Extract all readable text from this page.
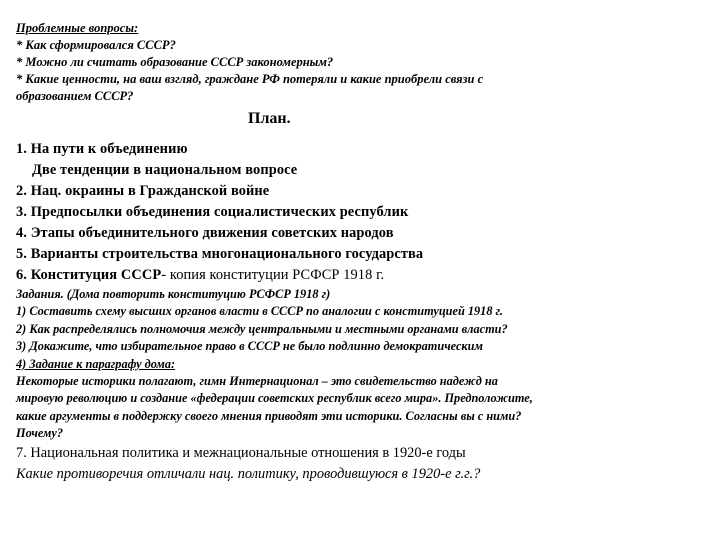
Проблемные вопросы:
* Как сформировался СССР?
* Можно ли считать образование СССР закономерным?
* Какие ценности, на ваш взгляд, граждане РФ потеряли и какие приобрели связи с
образованием СССР?
План.
1. На пути к объединению
Две тенденции в национальном вопросе
2. Нац. окраины в Гражданской войне
3. Предпосылки объединения социалистических республик
4. Этапы объединительного движения советских народов
5. Варианты строительства многонационального государства
6. Конституция СССР- копия конституции РСФСР 1918 г.
Задания. (Дома повторить конституцию РСФСР 1918 г)
1) Составить схему высших органов власти в СССР по аналогии с конституцией 1918 г.
2) Как распределялись полномочия между центральными и местными органами власти?
3) Докажите, что избирательное право в СССР не было подлинно демократическим
4) Задание к параграфу дома:
Некоторые историки полагают, гимн Интернационал – это свидетельство надежд на
мировую революцию и создание «федерации советских республик всего мира». Предположите,
какие аргументы в поддержку своего мнения приводят эти историки. Согласны вы с ними?
Почему?
7. Национальная политика и межнациональные отношения в 1920-е годы
Какие противоречия отличали нац. политику, проводившуюся в 1920-е г.г.?
